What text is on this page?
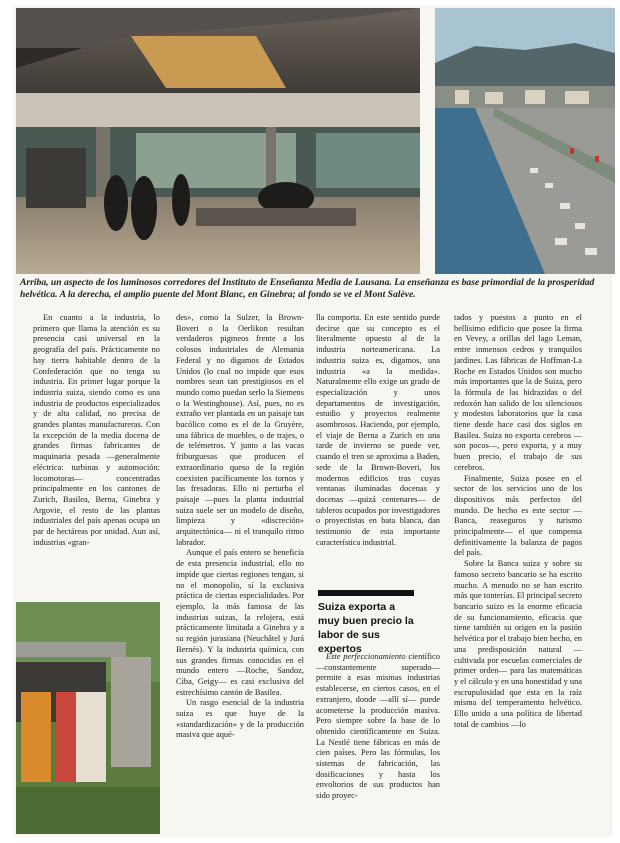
Arriba, un aspecto de los luminosos corredores del Instituto de Enseñanza Media de Lausana. La enseñanza es base primordial de la prosperidad helvética. A la derecha, el amplio puente del Mont Blanc, en Ginebra; al fondo se ve el Mont Salève.

En cuanto a la industria, lo primero que llama la atención es su presencia casi universal en la geografía del país. Prácticamente no hay tierra habitable dentro de la Confederación que no tenga su industria. En primer lugar porque la industria suiza, siendo como es una industria de productos especializados y de alta calidad, no precisa de grandes plantas manufactureras. Con la excepción de la media docena de grandes firmas fabricantes de maquinaria pesada —generalmente eléctrica: turbinas y automoción: locomotoras— concentradas principalmente en los cantones de Zurich, Basilea, Berna, Ginebra y Argovie, el resto de las plantas industriales del país apenas ocupa un par de hectáreas por unidad. Aun así, industrias «gran-

des», como la Sulzer, la Brown-Boveri o la Oerlikon resultan verdaderos pigmeos frente a los colosos industriales de Alemania Federal y no digamos de Estados Unidos (lo cual no impide que esos nombres sean tan prestigiosos en el mundo como puedan serlo la Siemens o la Westinghouse). Así, pues, no es extraño ver plantada en un paisaje tan bucólico como es el de la Gruyère, una fábrica de muebles, o de trajes, o de telémetros. Y junto a las vacas friburguesas que producen el extraordinario queso de la región coexisten pacíficamente los tornos y las fresadoras. Ello ni perturba el paisaje —pues la planta industrial suiza suele ser un modelo de diseño, limpieza y «discreción» arquitectónica— ni el tranquilo ritmo labrador.

Aunque el país entero se beneficia de esta presencia industrial, ello no impide que ciertas regiones tengan, si no el monopolio, sí la exclusiva práctica de ciertas especialidades. Por ejemplo, la más famosa de las industrias suizas, la relojera, está prácticamente limitada a Ginebra y a su región jurasiana (Neuchâtel y Jurá Bernés). Y la industria química, con sus grandes firmas conocidas en el mundo entero —Roche, Sandoz, Ciba, Geigy— es casi exclusiva del estrechísimo cantón de Basilea.

Un rasgo esencial de la industria suiza es que huye de la «standardización» y de la producción masiva que aqué-

lla comporta. En este sentido puede decirse que su concepto es el literalmente opuesto al de la industria norteamericana. La industria suiza es, digamos, una industria «a la medida». Naturalmente ello exige un grado de especialización y unos departamentos de investigación, estudio y proyectos realmente asombrosos. Haciendo, por ejemplo, el viaje de Berna a Zurich en una tarde de invierno se puede ver, cuando el tren se aproxima a Baden, sede de la Brown-Boveri, los modernos edificios tras cuyas ventanas iluminadas docenas y docenas —quizá centenares— de tableros ocupados por investigadores o proyectistas en bata blanca, dan testimonio de esta importante característica industrial.

Suiza exporta a muy buen precio la labor de sus expertos

Este perfeccionamiento científico —constantemente superado— permite a esas mismas industrias establecerse, en ciertos casos, en el extranjero, donde —allí sí— puede acometerse la producción masiva. Pero siempre sobre la base de lo obtenido científicamente en Suiza. La Nestlé tiene fábricas en más de cien países. Pero las fórmulas, los sistemas de fabricación, las dosificaciones y hasta los envoltorios de sus productos han sido proyec-

tados y puestos a punto en el bellísimo edificio que posee la firma en Vevey, a orillas del lago Leman, entre inmensos cedros y tranquilos jardines. Las fábricas de Hoffman-La Roche en Estados Unidos son mucho más importantes que la de Suiza, pero la fórmula de las hidrazidas o del redoxón han salido de los silenciosos y modestos laboratorios que la casa tiene desde hace casi dos siglos en Basilea. Suiza no exporta cerebros —son pocos—, pero exporta, y a muy buen precio, el trabajo de sus cerebros.

Finalmente, Suiza posee en el sector de los servicios uno de los dispositivos más perfectos del mundo. De hecho es este sector —Banca, reaseguros y turismo principalmente— el que compensa definitivamente la balanza de pagos del país.

Sobre la Banca suiza y sobre su famoso secreto bancario se ha escrito mucho. A menudo no se han escrito más que tonterías. El principal secreto bancario suizo es la enorme eficacia de su funcionamiento, eficacia que tiene también su origen en la pasión helvética por el trabajo bien hecho, en una predisposición natural —cultivada por escuelas comerciales de primer orden— para las matemáticas y el cálculo y en una honestidad y una escrupulosidad que esta en la raíz misma del temperamento helvético. Ello unido a una política de libertad total de cambios —lo
